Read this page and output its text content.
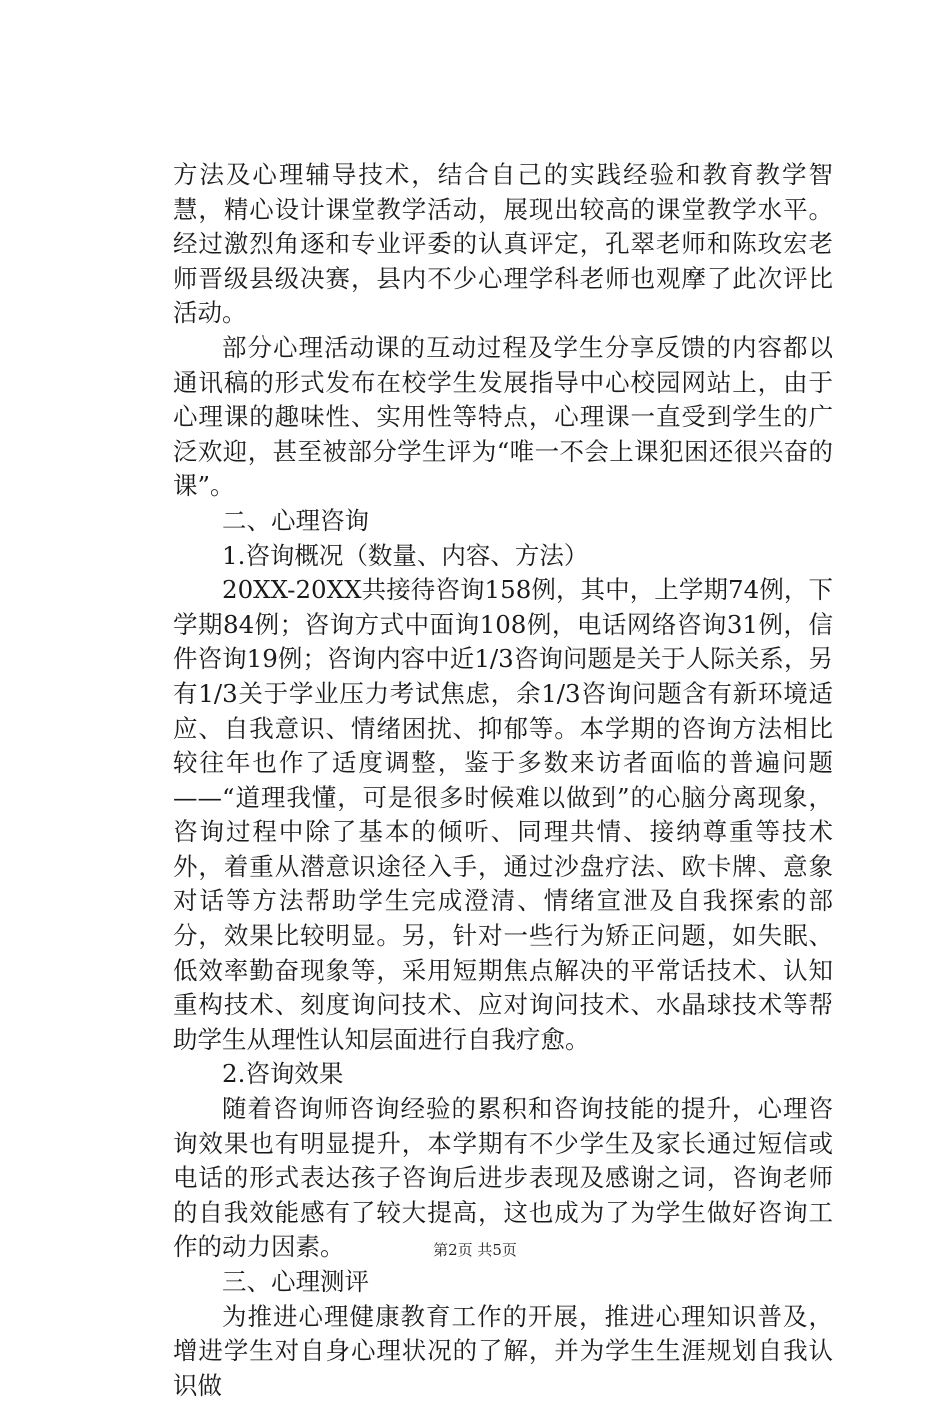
方法及心理辅导技术，结合自己的实践经验和教育教学智慧，精心设计课堂教学活动，展现出较高的课堂教学水平。经过激烈角逐和专业评委的认真评定，孔翠老师和陈玫宏老师晋级县级决赛，县内不少心理学科老师也观摩了此次评比活动。

部分心理活动课的互动过程及学生分享反馈的内容都以通讯稿的形式发布在校学生发展指导中心校园网站上，由于心理课的趣味性、实用性等特点，心理课一直受到学生的广泛欢迎，甚至被部分学生评为“唯一不会上课犯困还很兴奋的课”。

二、心理咨询

1.咨询概况（数量、内容、方法）

20XX-20XX共接待咨询158例，其中，上学期74例，下学期84例；咨询方式中面询108例，电话网络咨询31例，信件咨询19例；咨询内容中近1/3咨询问题是关于人际关系，另有1/3关于学业压力考试焦虑，余1/3咨询问题含有新环境适应、自我意识、情绪困扰、抑郁等。本学期的咨询方法相比较往年也作了适度调整，鉴于多数来访者面临的普遍问题——“道理我懂，可是很多时候难以做到”的心脑分离现象，咨询过程中除了基本的倾听、同理共情、接纳尊重等技术外，着重从潜意识途径入手，通过沙盘疗法、欧卡牌、意象对话等方法帮助学生完成澄清、情绪宣泄及自我探索的部分，效果比较明显。另，针对一些行为矫正问题，如失眠、低效率勤奋现象等，采用短期焦点解决的平常话技术、认知重构技术、刻度询问技术、应对询问技术、水晶球技术等帮助学生从理性认知层面进行自我疗愈。

2.咨询效果

随着咨询师咨询经验的累积和咨询技能的提升，心理咨询效果也有明显提升，本学期有不少学生及家长通过短信或电话的形式表达孩子咨询后进步表现及感谢之词，咨询老师的自我效能感有了较大提高，这也成为了为学生做好咨询工作的动力因素。

三、心理测评

为推进心理健康教育工作的开展，推进心理知识普及，增进学生对自身心理状况的了解，并为学生生涯规划自我认识做

第2页 共5页
